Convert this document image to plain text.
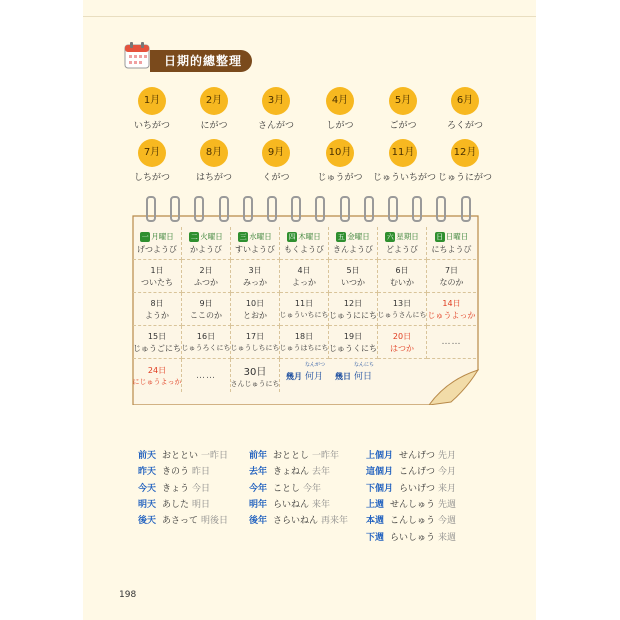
日期的總整理
1月
いちがつ
2月
にがつ
3月
さんがつ
4月
しがつ
5月
ごがつ
6月
ろくがつ
7月
しちがつ
8月
はちがつ
9月
くがつ
10月
じゅうがつ
11月
じゅういちがつ
12月
じゅうにがつ
一 月曜日
げつようび
二 火曜日
かようび
三 水曜日
すいようび
四 木曜日
もくようび
五 金曜日
きんようび
六 星期日
どようび
日 日曜日
にちようび
1日
ついたち
2日
ふつか
3日
みっか
4日
よっか
5日
いつか
6日
むいか
7日
なのか
8日
ようか
9日
ここのか
10日
とおか
11日
じゅういちにち
12日
じゅうににち
13日
じゅうさんにち
14日
じゅうよっか
15日
じゅうごにち
16日
じゅうろくにち
17日
じゅうしちにち
18日
じゅうはちにち
19日
じゅうくにち
20日
はつか
……
24日
にじゅうよっか
……	30日
さんじゅうにち
幾月
なんがつ
何月 幾日
なんにち
何日
前天 おととい 一昨日
昨天 きのう 昨日
今天 きょう 今日
明天 あした 明日
後天 あさって 明後日
前年 おととし 一昨年
去年 きょねん 去年
今年 ことし 今年
明年 らいねん 来年
後年 さらいねん 再来年
上個月 せんげつ 先月
這個月 こんげつ 今月
下個月 らいげつ 来月
上週 せんしゅう 先週
本週 こんしゅう 今週
下週 らいしゅう 来週
198
